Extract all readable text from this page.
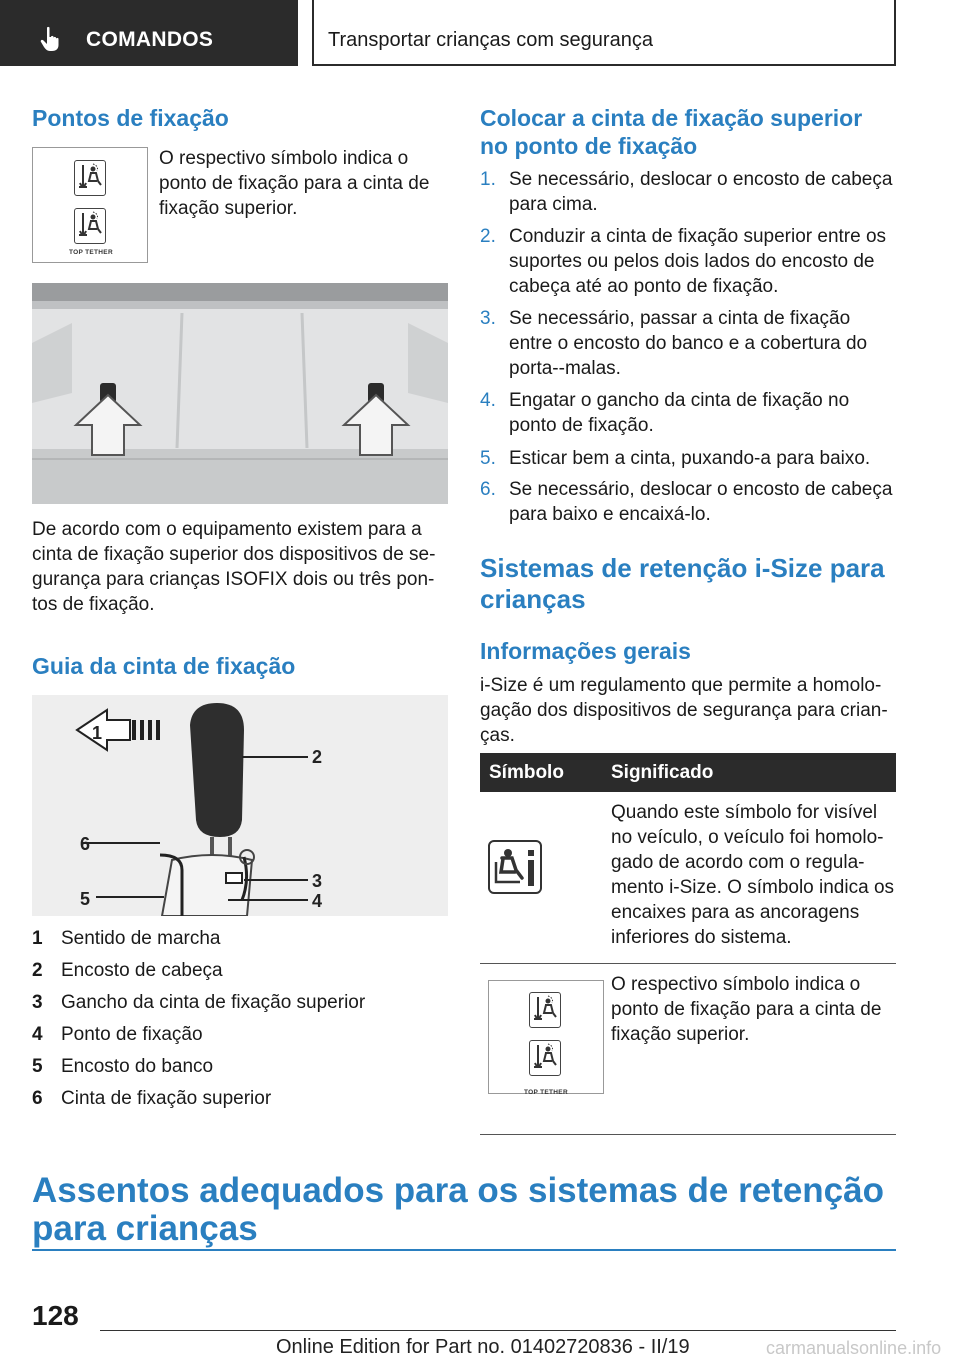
COMANDOS	Transportar crianças com segurança
Pontos de fixação
TOP TETHER

O respectivo símbolo indica o ponto de fixação para a cinta de fixação superior.

De acordo com o equipamento existem para a cinta de fixação superior dos dispositivos de se-gurança para crianças ISOFIX dois ou três pon-tos de fixação.

Guia da cinta de fixação
1
2
6
3
4
5
1 Sentido de marcha
2 Encosto de cabeça
3 Gancho da cinta de fixação superior
4 Ponto de fixação
5 Encosto do banco
6 Cinta de fixação superior
Colocar a cinta de fixação superior no ponto de fixação
1. Se necessário, deslocar o encosto de cabeça para cima.
2. Conduzir a cinta de fixação superior entre os suportes ou pelos dois lados do encosto de cabeça até ao ponto de fixação.
3. Se necessário, passar a cinta de fixação entre o encosto do banco e a cobertura do porta--malas.
4. Engatar o gancho da cinta de fixação no ponto de fixação.
5. Esticar bem a cinta, puxando-a para baixo.
6. Se necessário, deslocar o encosto de cabeça para baixo e encaixá-lo.
Sistemas de retenção i-Size para crianças
Informações gerais

i-Size é um regulamento que permite a homolo-gação dos dispositivos de segurança para crian-ças.

Símbolo	Significado

	Quando este símbolo for visível no veículo, o veículo foi homolo-gado de acordo com o regula-mento i-Size. O símbolo indica os encaixes para as ancoragens inferiores do sistema.

TOP TETHER	O respectivo símbolo indica o ponto de fixação para a cinta de fixação superior.
Assentos adequados para os sistemas de retenção para crianças
128
Online Edition for Part no. 01402720836 - II/19	carmanualsonline.info
